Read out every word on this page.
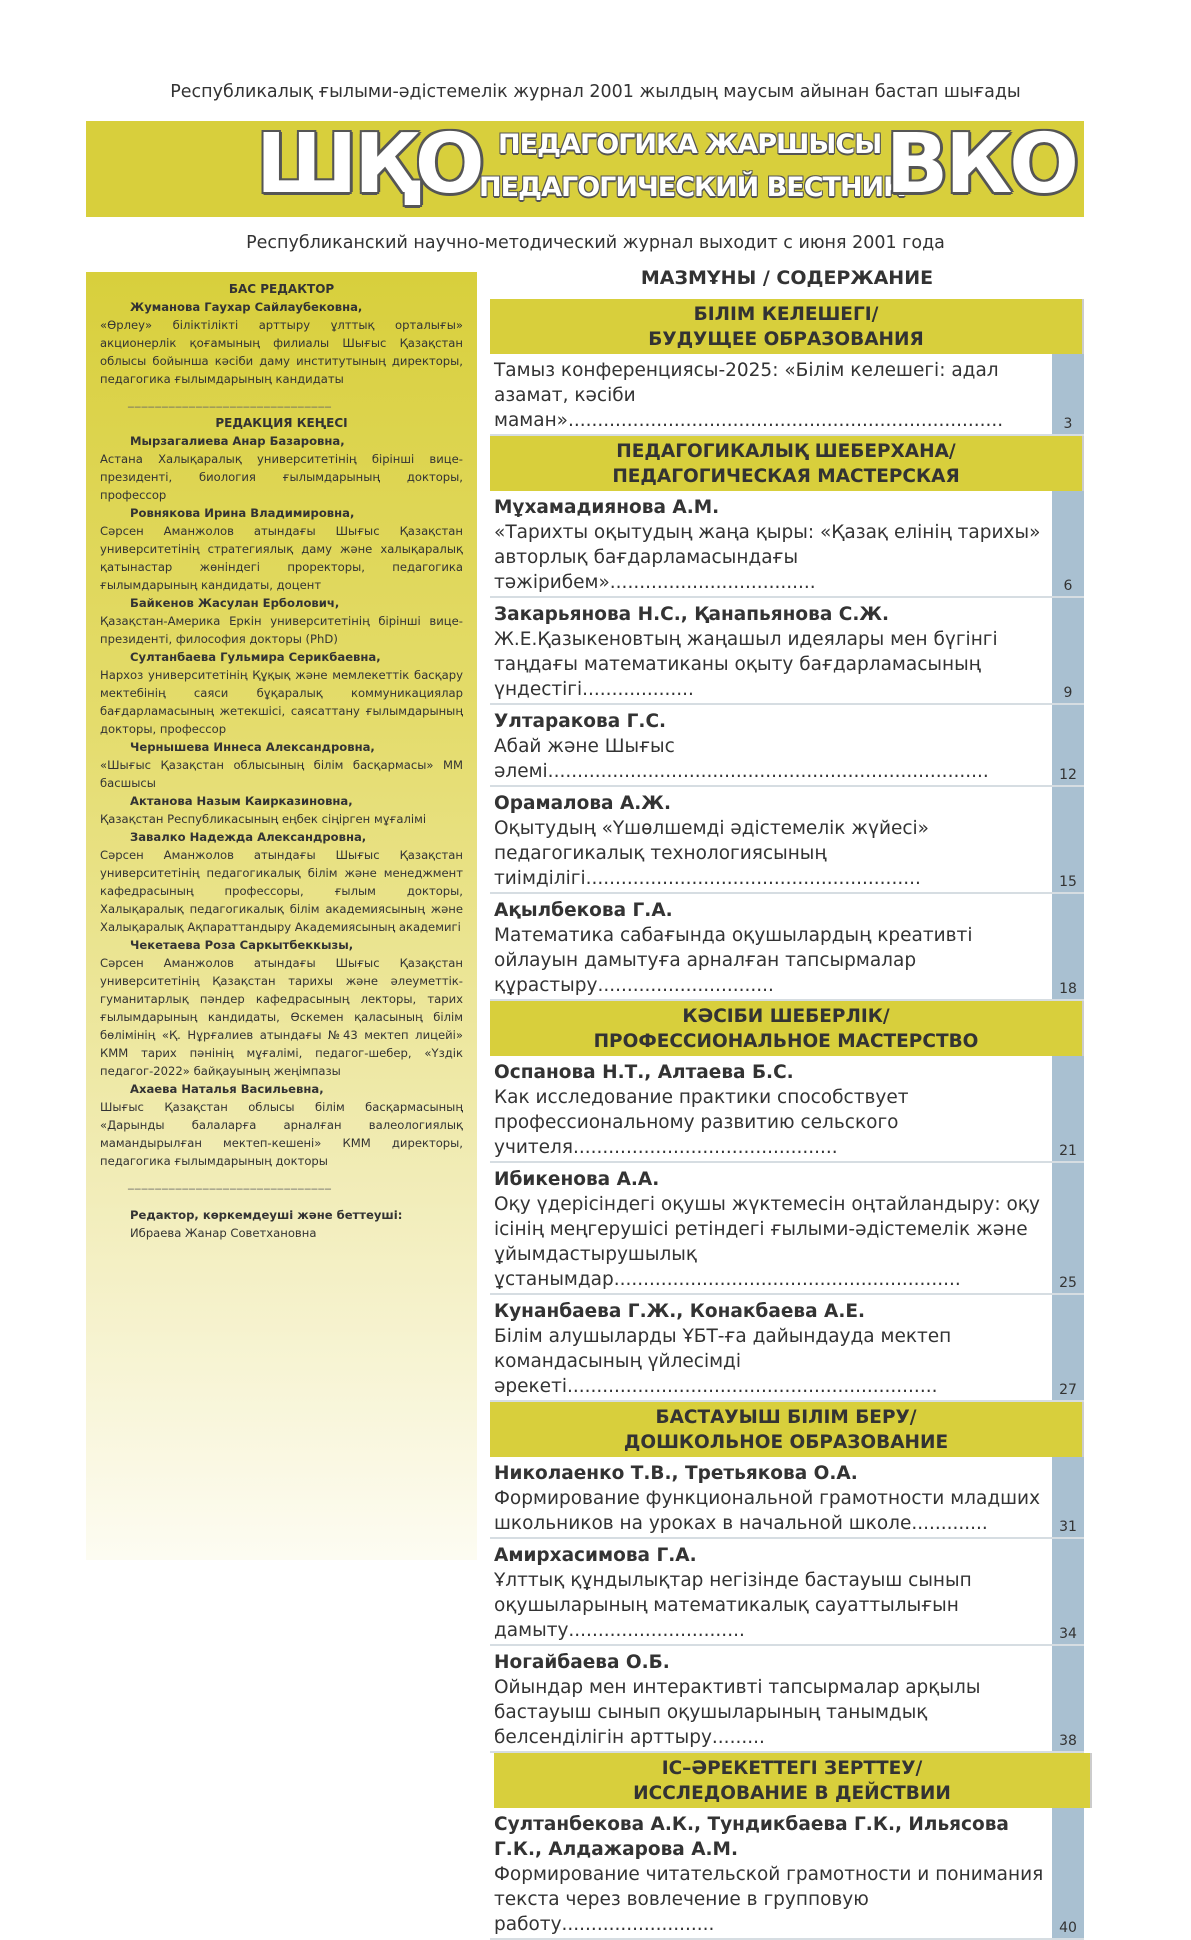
Республикалық ғылыми-әдістемелік журнал 2001 жылдың маусым айынан бастап шығады
ШҚО ПЕДАГОГИКА ЖАРШЫСЫ
ПЕДАГОГИЧЕСКИЙ ВЕСТНИК
ВКО
Республиканский научно-методический журнал выходит с июня 2001 года
БАС РЕДАКТОР
Жуманова Гаухар Сайлаубековна,
«Өрлеу» біліктілікті арттыру ұлттық орталығы» акционерлік қоғамының филиалы Шығыс Қазақстан облысы бойынша кәсіби даму институтының директоры, педагогика ғылымдарының кандидаты
______________________________
РЕДАКЦИЯ КЕҢЕСІ
Мырзагалиева Анар Базаровна,
Астана Халықаралық университетінің бірінші вице-президенті, биология ғылымдарының докторы, профессор
Ровнякова Ирина Владимировна,
Сәрсен Аманжолов атындағы Шығыс Қазақстан университетінің стратегиялық даму және халықаралық қатынастар жөніндегі проректоры, педагогика ғылымдарының кандидаты, доцент
Байкенов Жасулан Ерболович,
Қазақстан-Америка Еркін университетінің бірінші вице-президенті, философия докторы (PhD)
Султанбаева Гульмира Серикбаевна,
Нархоз университетінің Құқық және мемлекеттік басқару мектебінің саяси бұқаралық коммуникациялар бағдарламасының жетекшісі, саясаттану ғылымдарының докторы, профессор
Чернышева Иннеса Александровна,
«Шығыс Қазақстан облысының білім басқармасы» ММ басшысы
Актанова Назым Каирказиновна,
Қазақстан Республикасының еңбек сіңірген мұғалімі
Завалко Надежда Александровна,
Сәрсен Аманжолов атындағы Шығыс Қазақстан университетінің педагогикалық білім және менеджмент кафедрасының профессоры, ғылым докторы, Халықаралық педагогикалық білім академиясының және Халықаралық Ақпараттандыру Академиясының академигі
Чекетаева Роза Саркытбеккызы,
Сәрсен Аманжолов атындағы Шығыс Қазақстан университетінің Қазақстан тарихы және әлеуметтік-гуманитарлық пәндер кафедрасының лекторы, тарих ғылымдарының кандидаты, Өскемен қаласының білім бөлімінің «Қ. Нұрғалиев атындағы №43 мектеп лицейі» КММ тарих пәнінің мұғалімі, педагог-шебер, «Үздік педагог-2022» байқауының жеңімпазы
Ахаева Наталья Васильевна,
Шығыс Қазақстан облысы білім басқармасының «Дарынды балаларға арналған валеологиялық мамандырылған мектеп-кешені» КММ директоры, педагогика ғылымдарының докторы
______________________________
Редактор, көркемдеуші және беттеуші:
Ибраева Жанар Советхановна
МАЗМҰНЫ / СОДЕРЖАНИЕ
БІЛІМ КЕЛЕШЕГІ/
БУДУЩЕЕ ОБРАЗОВАНИЯ
Тамыз конференциясы-2025: «Білім келешегі: адал азамат, кәсіби маман»..........................................................................	3
ПЕДАГОГИКАЛЫҚ ШЕБЕРХАНА/
ПЕДАГОГИЧЕСКАЯ МАСТЕРСКАЯ
Мұхамадиянова А.М.
«Тарихты оқытудың жаңа қыры: «Қазақ елінің тарихы» авторлық бағдарламасындағы тәжірибем»...................................	6
Закарьянова Н.С., Қанапьянова С.Ж.
Ж.Е.Қазыкеновтың жаңашыл идеялары мен бүгінгі таңдағы математиканы оқыту бағдарламасының үндестігі...................	9
Ултаракова Г.С.
Абай және Шығыс әлемі...........................................................................	12
Орамалова А.Ж.
Оқытудың «Үшөлшемді әдістемелік жүйесі» педагогикалық технологиясының тиімділігі.........................................................	15
Ақылбекова Г.А.
Математика сабағында оқушылардың креативті ойлауын дамытуға арналған тапсырмалар құрастыру..............................	18
КӘСІБИ ШЕБЕРЛІК/
ПРОФЕССИОНАЛЬНОЕ МАСТЕРСТВО
Оспанова Н.Т., Алтаева Б.С.
Как исследование практики способствует профессиональному развитию сельского учителя.............................................	21
Ибикенова А.А.
Оқу үдерісіндегі оқушы жүктемесін оңтайландыру: оқу ісінің меңгерушісі ретіндегі ғылыми-әдістемелік және ұйымдастырушылық ұстанымдар...........................................................	25
Кунанбаева Г.Ж., Конакбаева А.Е.
Білім алушыларды ҰБТ-ға дайындауда мектеп командасының үйлесімді әрекеті...............................................................	27
БАСТАУЫШ БІЛІМ БЕРУ/
ДОШКОЛЬНОЕ ОБРАЗОВАНИЕ
Николаенко Т.В., Третьякова О.А.
Формирование функциональной грамотности младших школьников на уроках в начальной школе.............	31
Амирхасимова Г.А.
Ұлттық құндылықтар негізінде бастауыш сынып оқушыларының математикалық сауаттылығын дамыту..............................	34
Ногайбаева О.Б.
Ойындар мен интерактивті тапсырмалар арқылы бастауыш сынып оқушыларының танымдық белсенділігін арттыру.........	38
ІС–ӘРЕКЕТТЕГІ ЗЕРТТЕУ/
ИССЛЕДОВАНИЕ В ДЕЙСТВИИ
Султанбекова А.К., Тундикбаева Г.К., Ильясова Г.К., Алдажарова А.М.
Формирование читательской грамотности и понимания текста через вовлечение в групповую работу..........................	40
